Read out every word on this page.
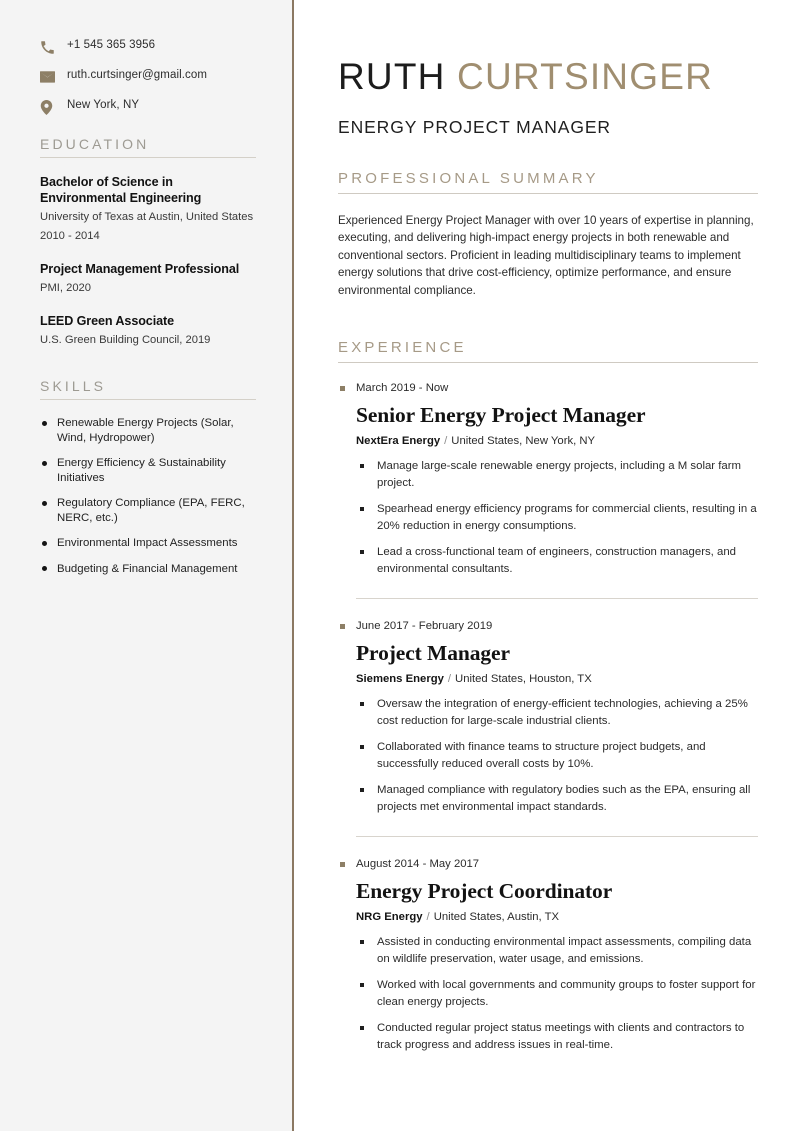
+1 545 365 3956
ruth.curtsinger@gmail.com
New York, NY
EDUCATION
Bachelor of Science in Environmental Engineering
University of Texas at Austin, United States
2010 - 2014
Project Management Professional
PMI, 2020
LEED Green Associate
U.S. Green Building Council, 2019
SKILLS
Renewable Energy Projects (Solar, Wind, Hydropower)
Energy Efficiency & Sustainability Initiatives
Regulatory Compliance (EPA, FERC, NERC, etc.)
Environmental Impact Assessments
Budgeting & Financial Management
RUTH CURTSINGER
ENERGY PROJECT MANAGER
PROFESSIONAL SUMMARY

Experienced Energy Project Manager with over 10 years of expertise in planning, executing, and delivering high-impact energy projects in both renewable and conventional sectors. Proficient in leading multidisciplinary teams to implement energy solutions that drive cost-efficiency, optimize performance, and ensure environmental compliance.

EXPERIENCE
March 2019 - Now
Senior Energy Project Manager
NextEra Energy / United States, New York, NY
Manage large-scale renewable energy projects, including a M solar farm project.
Spearhead energy efficiency programs for commercial clients, resulting in a 20% reduction in energy consumptions.
Lead a cross-functional team of engineers, construction managers, and environmental consultants.
June 2017 - February 2019
Project Manager
Siemens Energy / United States, Houston, TX
Oversaw the integration of energy-efficient technologies, achieving a 25% cost reduction for large-scale industrial clients.
Collaborated with finance teams to structure project budgets, and successfully reduced overall costs by 10%.
Managed compliance with regulatory bodies such as the EPA, ensuring all projects met environmental impact standards.
August 2014 - May 2017
Energy Project Coordinator
NRG Energy / United States, Austin, TX
Assisted in conducting environmental impact assessments, compiling data on wildlife preservation, water usage, and emissions.
Worked with local governments and community groups to foster support for clean energy projects.
Conducted regular project status meetings with clients and contractors to track progress and address issues in real-time.
